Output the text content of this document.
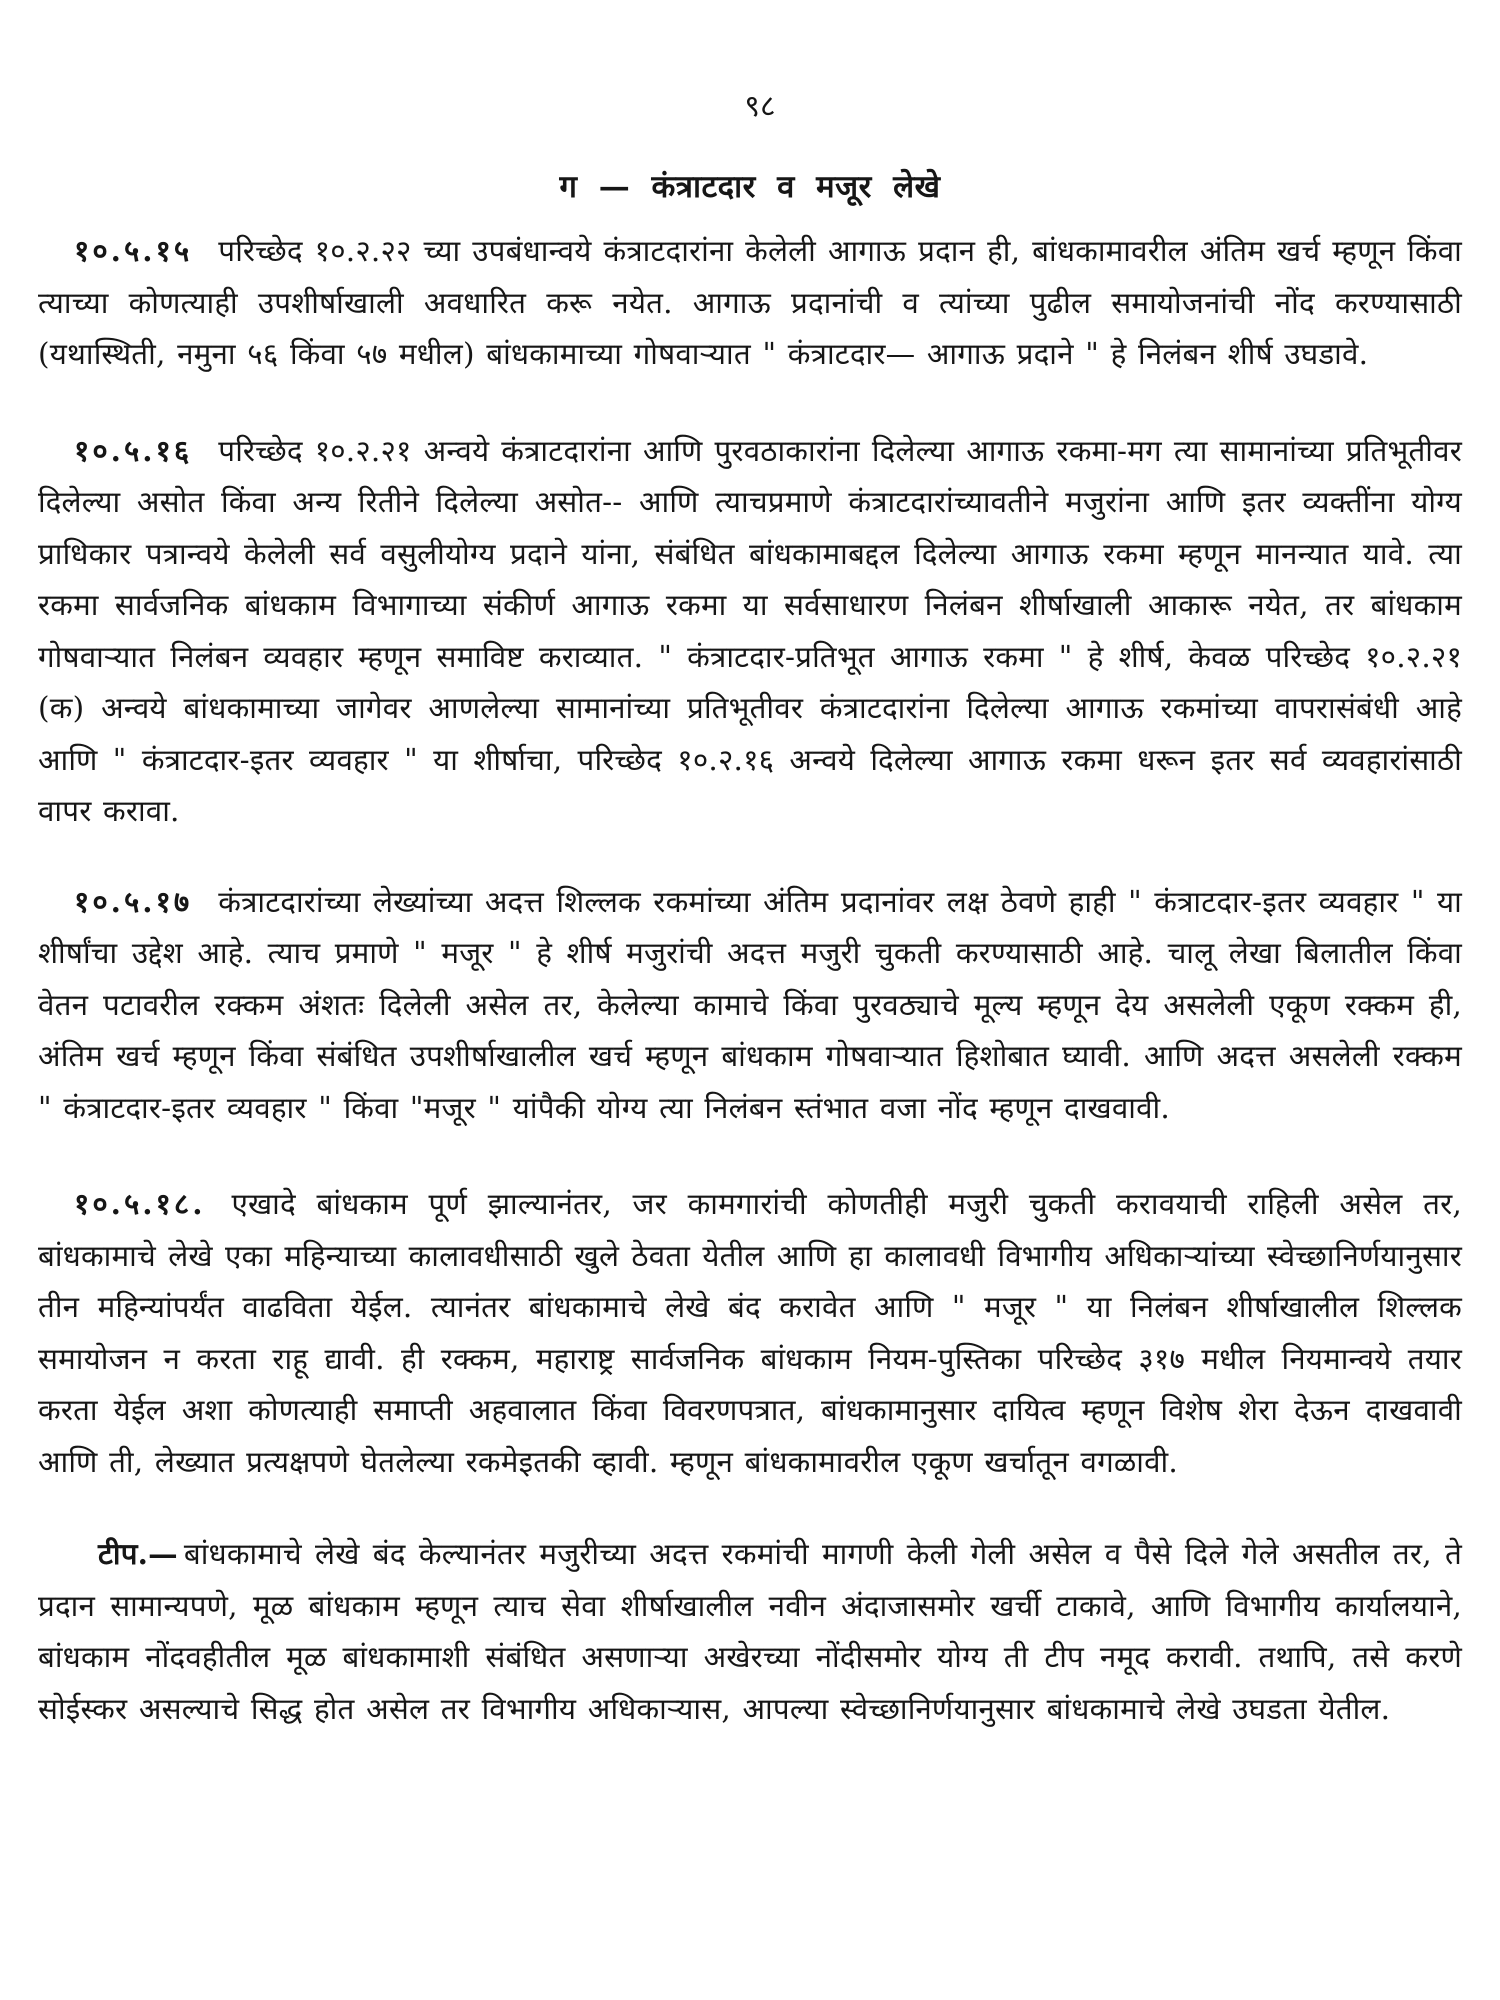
९८
ग — कंत्राटदार व मजूर लेखे

१०.५.१५ परिच्छेद १०.२.२२ च्या उपबंधान्वये कंत्राटदारांना केलेली आगाऊ प्रदान ही, बांधकामावरील अंतिम खर्च म्हणून किंवा त्याच्या कोणत्याही उपशीर्षाखाली अवधारित करू नयेत. आगाऊ प्रदानांची व त्यांच्या पुढील समायोजनांची नोंद करण्यासाठी (यथास्थिती, नमुना ५६ किंवा ५७ मधील) बांधकामाच्या गोषवाऱ्यात " कंत्राटदार— आगाऊ प्रदाने " हे निलंबन शीर्ष उघडावे.

१०.५.१६ परिच्छेद १०.२.२१ अन्वये कंत्राटदारांना आणि पुरवठाकारांना दिलेल्या आगाऊ रकमा-मग त्या सामानांच्या प्रतिभूतीवर दिलेल्या असोत किंवा अन्य रितीने दिलेल्या असोत-- आणि त्याचप्रमाणे कंत्राटदारांच्यावतीने मजुरांना आणि इतर व्यक्तींना योग्य प्राधिकार पत्रान्वये केलेली सर्व वसुलीयोग्य प्रदाने यांना, संबंधित बांधकामाबद्दल दिलेल्या आगाऊ रकमा म्हणून मानन्यात यावे. त्या रकमा सार्वजनिक बांधकाम विभागाच्या संकीर्ण आगाऊ रकमा या सर्वसाधारण निलंबन शीर्षाखाली आकारू नयेत, तर बांधकाम गोषवाऱ्यात निलंबन व्यवहार म्हणून समाविष्ट कराव्यात. " कंत्राटदार-प्रतिभूत आगाऊ रकमा " हे शीर्ष, केवळ परिच्छेद १०.२.२१ (क) अन्वये बांधकामाच्या जागेवर आणलेल्या सामानांच्या प्रतिभूतीवर कंत्राटदारांना दिलेल्या आगाऊ रकमांच्या वापरासंबंधी आहे आणि " कंत्राटदार-इतर व्यवहार " या शीर्षाचा, परिच्छेद १०.२.१६ अन्वये दिलेल्या आगाऊ रकमा धरून इतर सर्व व्यवहारांसाठी वापर करावा.

१०.५.१७ कंत्राटदारांच्या लेख्यांच्या अदत्त शिल्लक रकमांच्या अंतिम प्रदानांवर लक्ष ठेवणे हाही " कंत्राटदार-इतर व्यवहार " या शीर्षांचा उद्देश आहे. त्याच प्रमाणे " मजूर " हे शीर्ष मजुरांची अदत्त मजुरी चुकती करण्यासाठी आहे. चालू लेखा बिलातील किंवा वेतन पटावरील रक्कम अंशतः दिलेली असेल तर, केलेल्या कामाचे किंवा पुरवठ्याचे मूल्य म्हणून देय असलेली एकूण रक्कम ही, अंतिम खर्च म्हणून किंवा संबंधित उपशीर्षाखालील खर्च म्हणून बांधकाम गोषवाऱ्यात हिशोबात घ्यावी. आणि अदत्त असलेली रक्कम " कंत्राटदार-इतर व्यवहार " किंवा "मजूर " यांपैकी योग्य त्या निलंबन स्तंभात वजा नोंद म्हणून दाखवावी.

१०.५.१८. एखादे बांधकाम पूर्ण झाल्यानंतर, जर कामगारांची कोणतीही मजुरी चुकती करावयाची राहिली असेल तर, बांधकामाचे लेखे एका महिन्याच्या कालावधीसाठी खुले ठेवता येतील आणि हा कालावधी विभागीय अधिकाऱ्यांच्या स्वेच्छानिर्णयानुसार तीन महिन्यांपर्यंत वाढविता येईल. त्यानंतर बांधकामाचे लेखे बंद करावेत आणि " मजूर " या निलंबन शीर्षाखालील शिल्लक समायोजन न करता राहू द्यावी. ही रक्कम, महाराष्ट्र सार्वजनिक बांधकाम नियम-पुस्तिका परिच्छेद ३१७ मधील नियमान्वये तयार करता येईल अशा कोणत्याही समाप्ती अहवालात किंवा विवरणपत्रात, बांधकामानुसार दायित्व म्हणून विशेष शेरा देऊन दाखवावी आणि ती, लेख्यात प्रत्यक्षपणे घेतलेल्या रकमेइतकी व्हावी. म्हणून बांधकामावरील एकूण खर्चातून वगळावी.

टीप.— बांधकामाचे लेखे बंद केल्यानंतर मजुरीच्या अदत्त रकमांची मागणी केली गेली असेल व पैसे दिले गेले असतील तर, ते प्रदान सामान्यपणे, मूळ बांधकाम म्हणून त्याच सेवा शीर्षाखालील नवीन अंदाजासमोर खर्ची टाकावे, आणि विभागीय कार्यालयाने, बांधकाम नोंदवहीतील मूळ बांधकामाशी संबंधित असणाऱ्या अखेरच्या नोंदीसमोर योग्य ती टीप नमूद करावी. तथापि, तसे करणे सोईस्कर असल्याचे सिद्ध होत असेल तर विभागीय अधिकाऱ्यास, आपल्या स्वेच्छानिर्णयानुसार बांधकामाचे लेखे उघडता येतील.
